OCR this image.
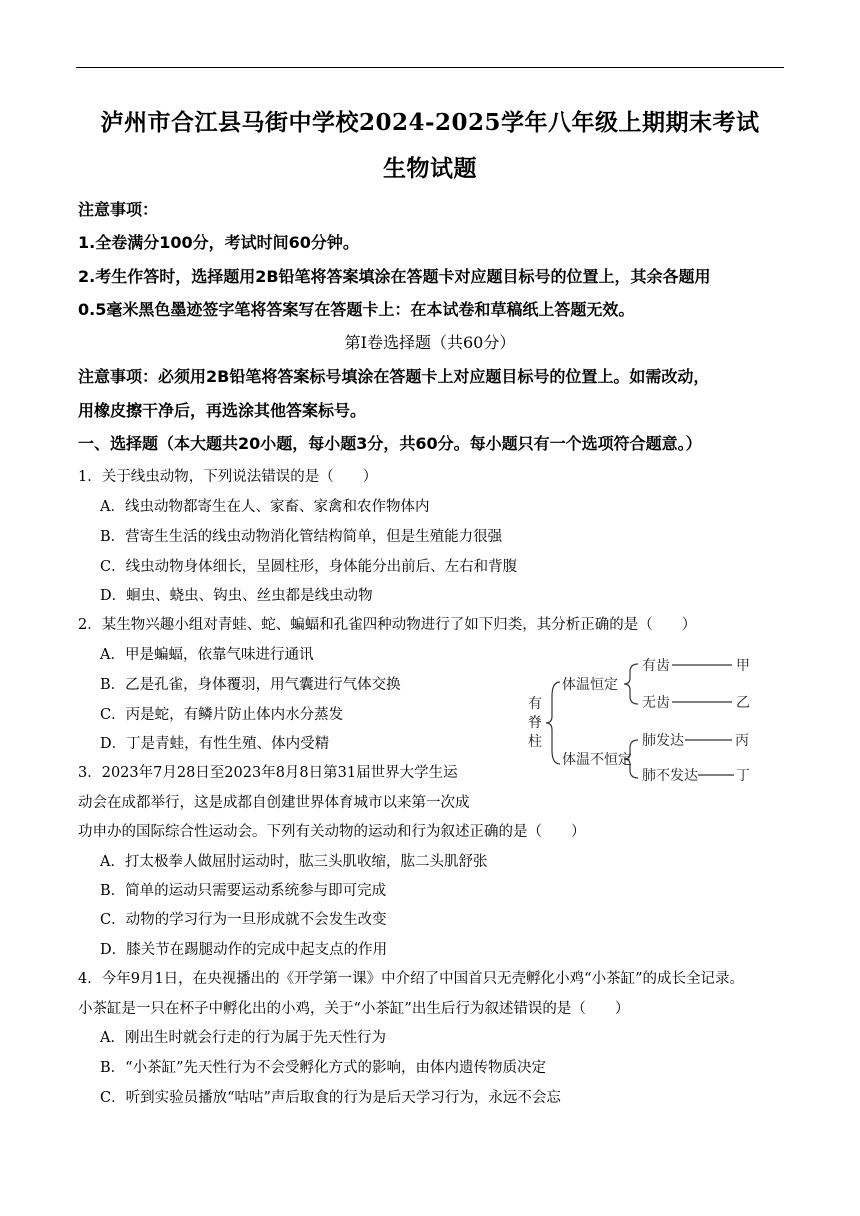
泸州市合江县马街中学校2024-2025学年八年级上期期末考试
生物试题
注意事项：
1.全卷满分100分，考试时间60分钟。
2.考生作答时，选择题用2B铅笔将答案填涂在答题卡对应题目标号的位置上，其余各题用
0.5毫米黑色墨迹签字笔将答案写在答题卡上：在本试卷和草稿纸上答题无效。
第Ⅰ卷选择题（共60分）
注意事项：必须用2B铅笔将答案标号填涂在答题卡上对应题目标号的位置上。如需改动，
用橡皮擦干净后，再选涂其他答案标号。
一、选择题（本大题共20小题，每小题3分，共60分。每小题只有一个选项符合题意。）
1．关于线虫动物，下列说法错误的是（　　）
A．线虫动物都寄生在人、家畜、家禽和农作物体内
B．营寄生生活的线虫动物消化管结构简单，但是生殖能力很强
C．线虫动物身体细长，呈圆柱形，身体能分出前后、左右和背腹
D．蛔虫、蛲虫、钩虫、丝虫都是线虫动物
2．某生物兴趣小组对青蛙、蛇、蝙蝠和孔雀四种动物进行了如下归类，其分析正确的是（　　）
A．甲是蝙蝠，依靠气味进行通讯
B．乙是孔雀，身体覆羽，用气囊进行气体交换
C．丙是蛇，有鳞片防止体内水分蒸发
D．丁是青蛙，有性生殖、体内受精
有
脊
柱
体温恒定
体温不恒定
有齿	甲
无齿	乙
肺发达	丙
肺不发达	丁
3．2023年7月28日至2023年8月8日第31届世界大学生运
动会在成都举行，这是成都自创建世界体育城市以来第一次成
功申办的国际综合性运动会。下列有关动物的运动和行为叙述正确的是（　　）
A．打太极拳人做屈肘运动时，肱三头肌收缩，肱二头肌舒张
B．简单的运动只需要运动系统参与即可完成
C．动物的学习行为一旦形成就不会发生改变
D．膝关节在踢腿动作的完成中起支点的作用
4．今年9月1日，在央视播出的《开学第一课》中介绍了中国首只无壳孵化小鸡“小茶缸”的成长全记录。
小茶缸是一只在杯子中孵化出的小鸡，关于“小茶缸”出生后行为叙述错误的是（　　）
A．刚出生时就会行走的行为属于先天性行为
B．“小茶缸”先天性行为不会受孵化方式的影响，由体内遗传物质决定
C．听到实验员播放“咕咕”声后取食的行为是后天学习行为，永远不会忘
